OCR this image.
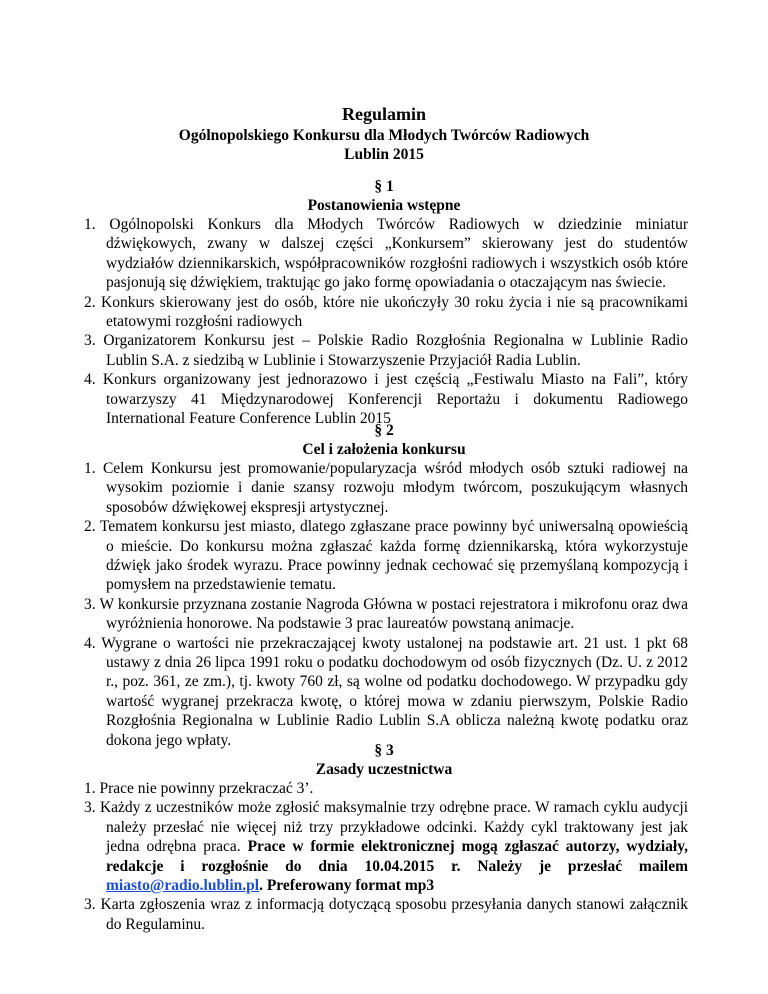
Regulamin
Ogólnopolskiego Konkursu dla Młodych Twórców Radiowych
Lublin 2015
§ 1
Postanowienia wstępne

1. Ogólnopolski Konkurs dla Młodych Twórców Radiowych w dziedzinie miniatur dźwiękowych, zwany w dalszej części „Konkursem” skierowany jest do studentów wydziałów dziennikarskich, współpracowników rozgłośni radiowych i wszystkich osób które pasjonują się dźwiękiem, traktując go jako formę opowiadania o otaczającym nas świecie.

2. Konkurs skierowany jest do osób, które nie ukończyły 30 roku życia i nie są pracownikami etatowymi rozgłośni radiowych

3. Organizatorem Konkursu jest – Polskie Radio Rozgłośnia Regionalna w Lublinie Radio Lublin S.A. z siedzibą w Lublinie i Stowarzyszenie Przyjaciół Radia Lublin.

4. Konkurs organizowany jest jednorazowo i jest częścią „Festiwalu Miasto na Fali”, który towarzyszy 41 Międzynarodowej Konferencji Reportażu i dokumentu Radiowego International Feature Conference Lublin 2015

§ 2
Cel i założenia konkursu

1. Celem Konkursu jest promowanie/popularyzacja wśród młodych osób sztuki radiowej na wysokim poziomie i danie szansy rozwoju młodym twórcom, poszukującym własnych sposobów dźwiękowej ekspresji artystycznej.

2. Tematem konkursu jest miasto, dlatego zgłaszane prace powinny być uniwersalną opowieścią o mieście. Do konkursu można zgłaszać każda formę dziennikarską, która wykorzystuje dźwięk jako środek wyrazu. Prace powinny jednak cechować się przemyślaną kompozycją i pomysłem na przedstawienie tematu.

3. W konkursie przyznana zostanie Nagroda Główna w postaci rejestratora i mikrofonu oraz dwa wyróżnienia honorowe. Na podstawie 3 prac laureatów powstaną animacje.

4. Wygrane o wartości nie przekraczającej kwoty ustalonej na podstawie art. 21 ust. 1 pkt 68 ustawy z dnia 26 lipca 1991 roku o podatku dochodowym od osób fizycznych (Dz. U. z 2012 r., poz. 361, ze zm.), tj. kwoty 760 zł, są wolne od podatku dochodowego. W przypadku gdy wartość wygranej przekracza kwotę, o której mowa w zdaniu pierwszym, Polskie Radio Rozgłośnia Regionalna w Lublinie Radio Lublin S.A oblicza należną kwotę podatku oraz dokona jego wpłaty.

§ 3
Zasady uczestnictwa

1. Prace nie powinny przekraczać 3’.

3. Każdy z uczestników może zgłosić maksymalnie trzy odrębne prace. W ramach cyklu audycji należy przesłać nie więcej niż trzy przykładowe odcinki. Każdy cykl traktowany jest jak jedna odrębna praca. Prace w formie elektronicznej mogą zgłaszać autorzy, wydziały, redakcje i rozgłośnie do dnia 10.04.2015 r. Należy je przesłać mailem miasto@radio.lublin.pl. Preferowany format mp3

3. Karta zgłoszenia wraz z informacją dotyczącą sposobu przesyłania danych stanowi załącznik do Regulaminu.
